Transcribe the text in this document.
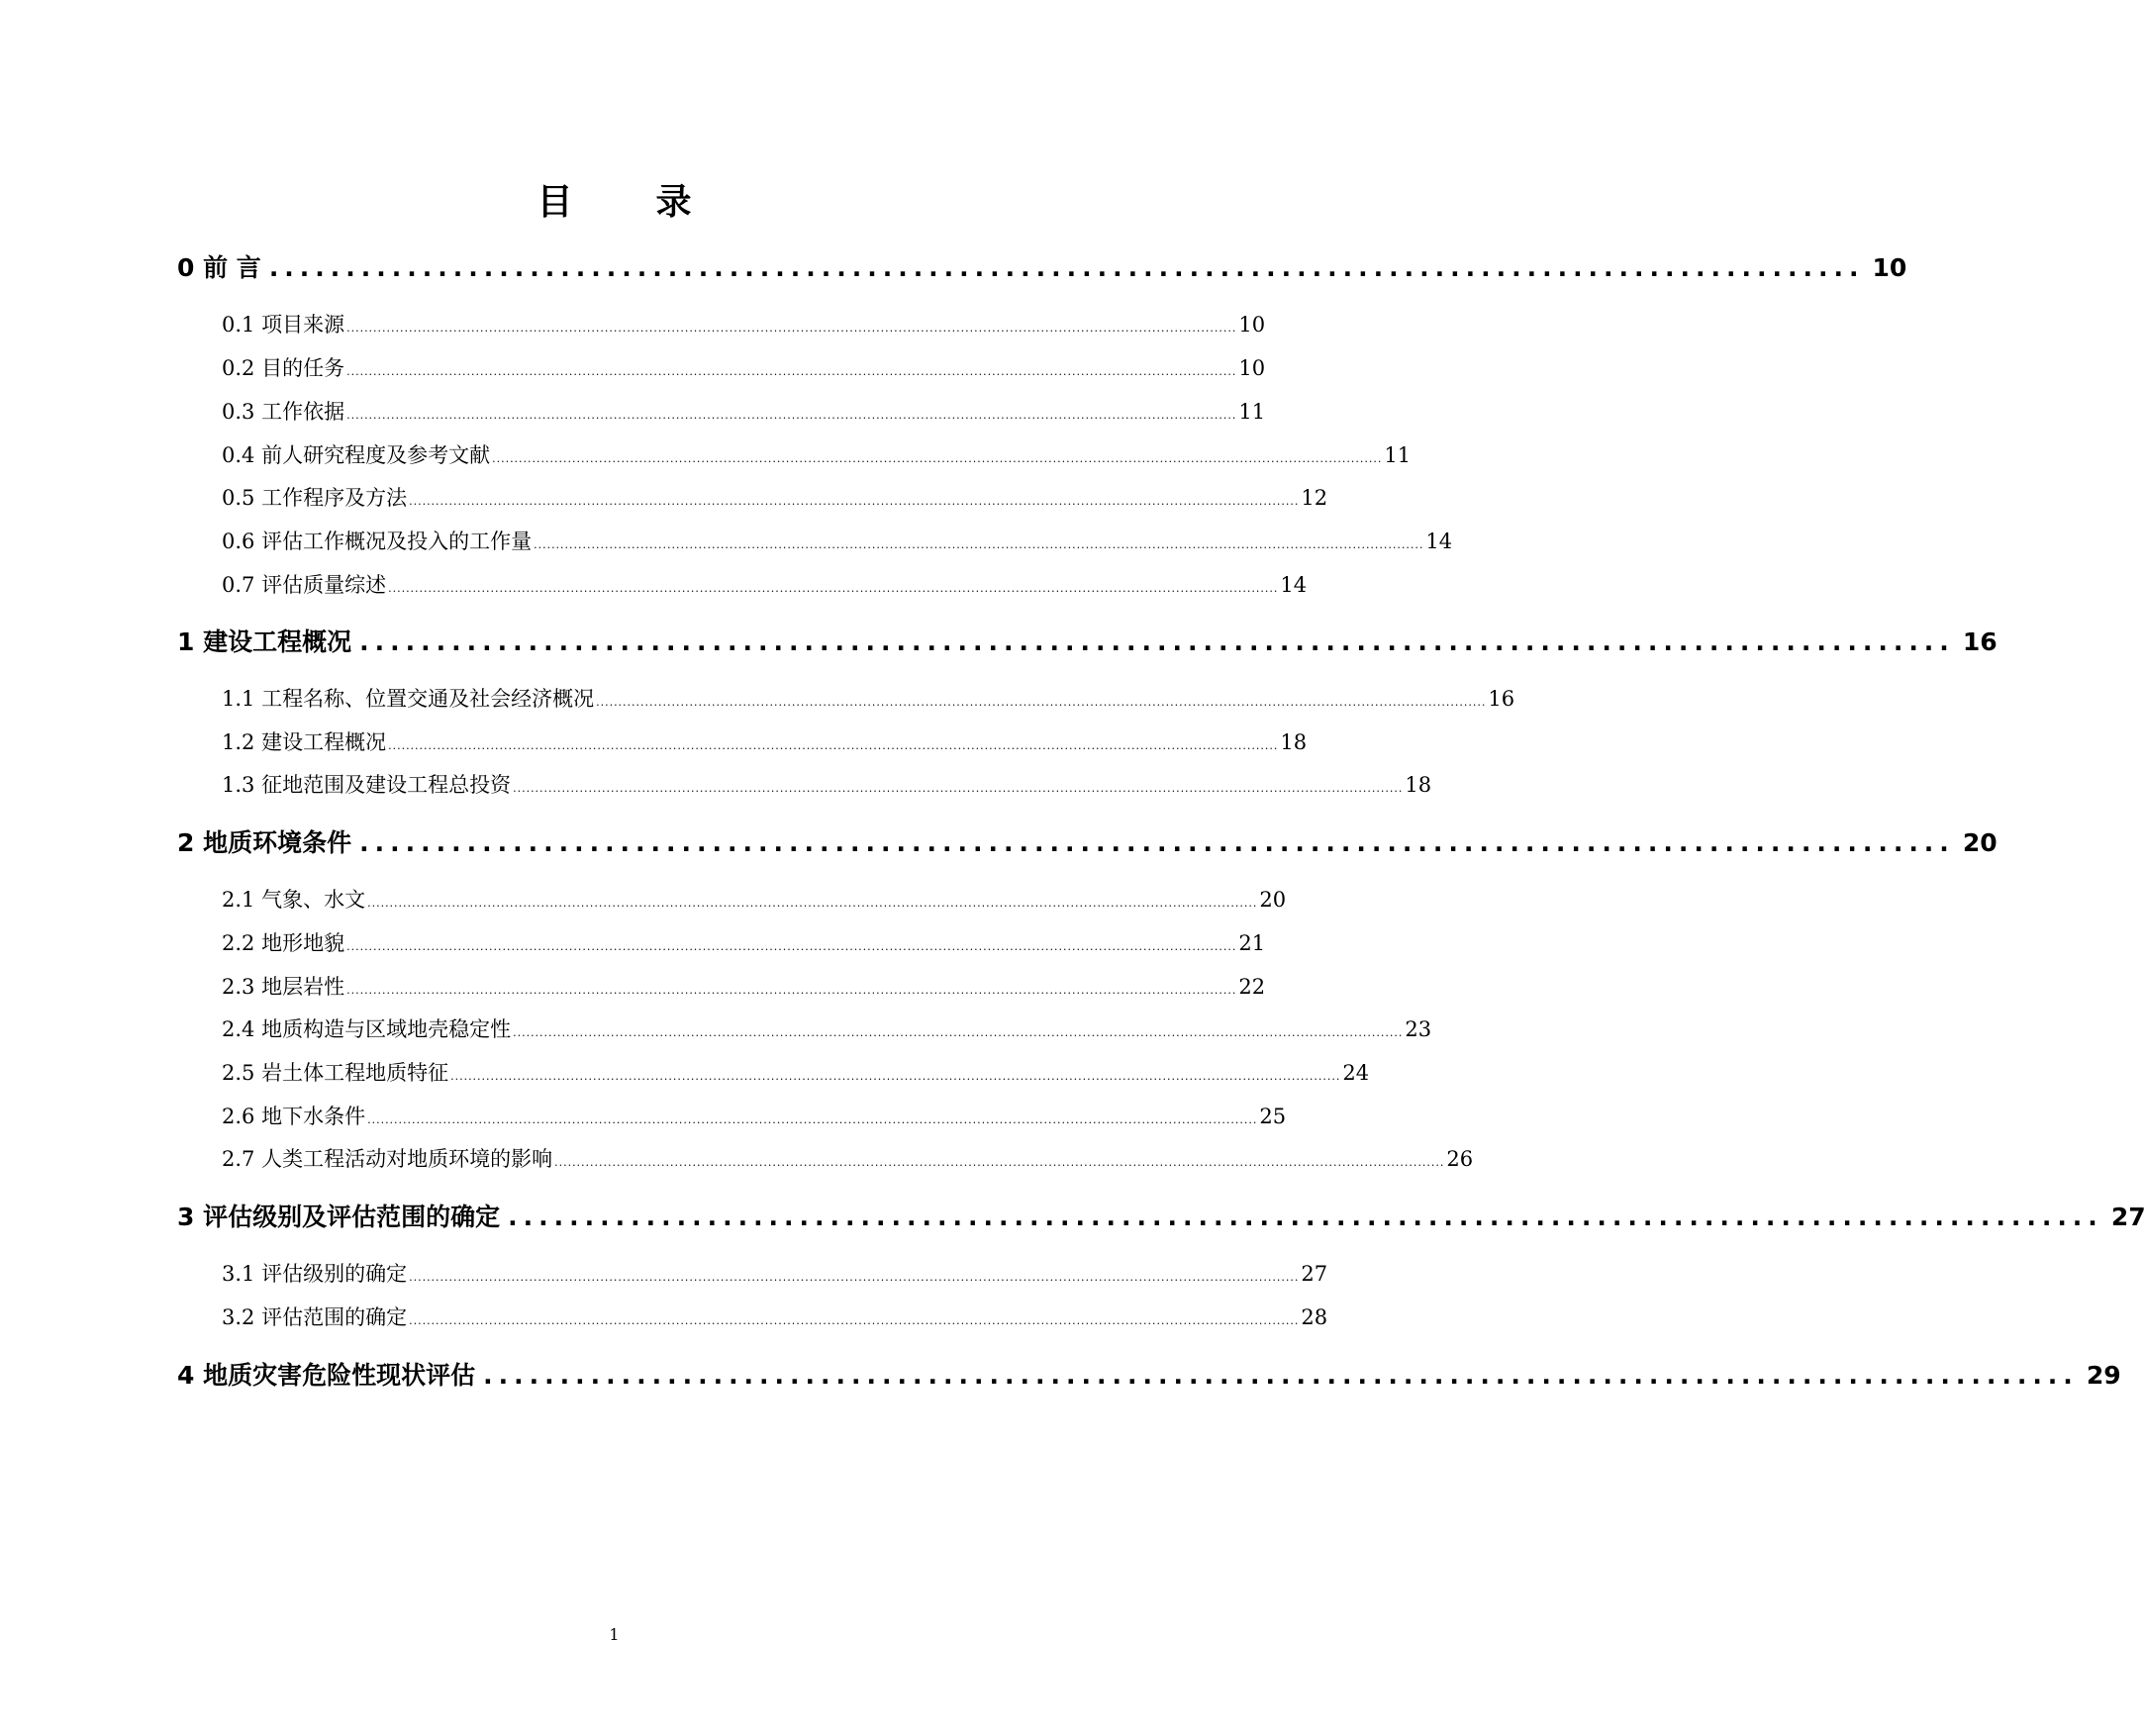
目录
0 前 言 ........................................................................................................ 10
0.1 项目来源 ........................................................................................................................................................................................................ 10
0.2 目的任务 ........................................................................................................................................................................................................ 10
0.3 工作依据 ........................................................................................................................................................................................................ 11
0.4 前人研究程度及参考文献 ........................................................................................................................................................................................................ 11
0.5 工作程序及方法 ........................................................................................................................................................................................................ 12
0.6 评估工作概况及投入的工作量 ........................................................................................................................................................................................................ 14
0.7 评估质量综述 ........................................................................................................................................................................................................ 14
1 建设工程概况 ........................................................................................................ 16
1.1 工程名称、位置交通及社会经济概况 ........................................................................................................................................................................................................ 16
1.2 建设工程概况 ........................................................................................................................................................................................................ 18
1.3 征地范围及建设工程总投资 ........................................................................................................................................................................................................ 18
2 地质环境条件 ........................................................................................................ 20
2.1 气象、水文 ........................................................................................................................................................................................................ 20
2.2 地形地貌 ........................................................................................................................................................................................................ 21
2.3 地层岩性 ........................................................................................................................................................................................................ 22
2.4 地质构造与区域地壳稳定性 ........................................................................................................................................................................................................ 23
2.5 岩土体工程地质特征 ........................................................................................................................................................................................................ 24
2.6 地下水条件 ........................................................................................................................................................................................................ 25
2.7 人类工程活动对地质环境的影响 ........................................................................................................................................................................................................ 26
3 评估级别及评估范围的确定 ........................................................................................................ 27
3.1 评估级别的确定 ........................................................................................................................................................................................................ 27
3.2 评估范围的确定 ........................................................................................................................................................................................................ 28
4 地质灾害危险性现状评估 ........................................................................................................ 29
1
